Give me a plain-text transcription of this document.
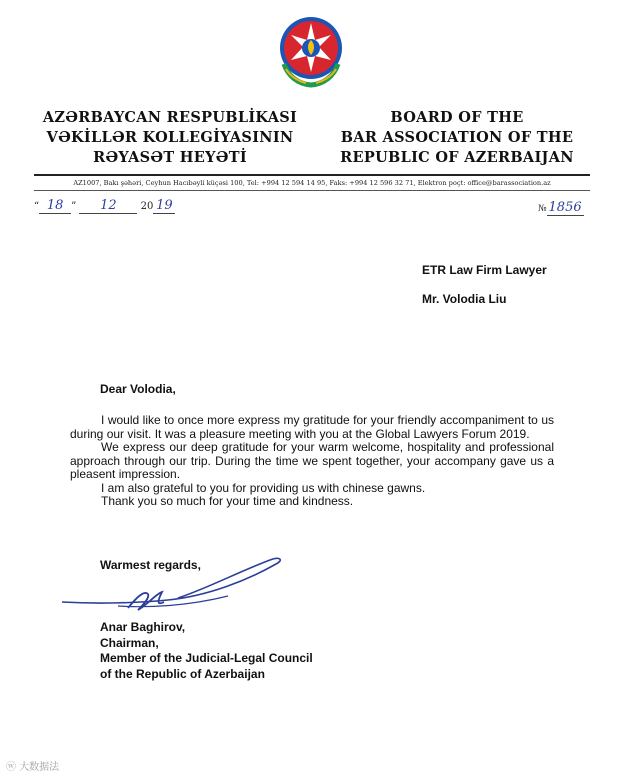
AZƏRBAYCAN RESPUBLİKASI
VƏKİLLƏR KOLLEGİYASININ
RƏYASƏT HEYƏTİ
BOARD OF THE
BAR ASSOCIATION OF THE
REPUBLIC OF AZERBAIJAN
AZ1007, Bakı şəhəri, Ceyhun Hacıbəyli küçəsi 100, Tel: +994 12 594 14 95, Faks: +994 12 596 32 71, Elektron poçt: office@barassociation.az
“ 18 ” 12 20 19	№ 1856
ETR Law Firm Lawyer
Mr. Volodia Liu
Dear Volodia,

I would like to once more express my gratitude for your friendly accompaniment to us during our visit. It was a pleasure meeting with you at the Global Lawyers Forum 2019.

We express our deep gratitude for your warm welcome, hospitality and professional approach through our trip. During the time we spent together, your accompany gave us a pleasent impression.

I am also grateful to you for providing us with chinese gawns.

Thank you so much for your time and kindness.

Warmest regards,
Anar Baghirov,
Chairman,
Member of the Judicial-Legal Council
of the Republic of Azerbaijan
ⓦ 大数据法
